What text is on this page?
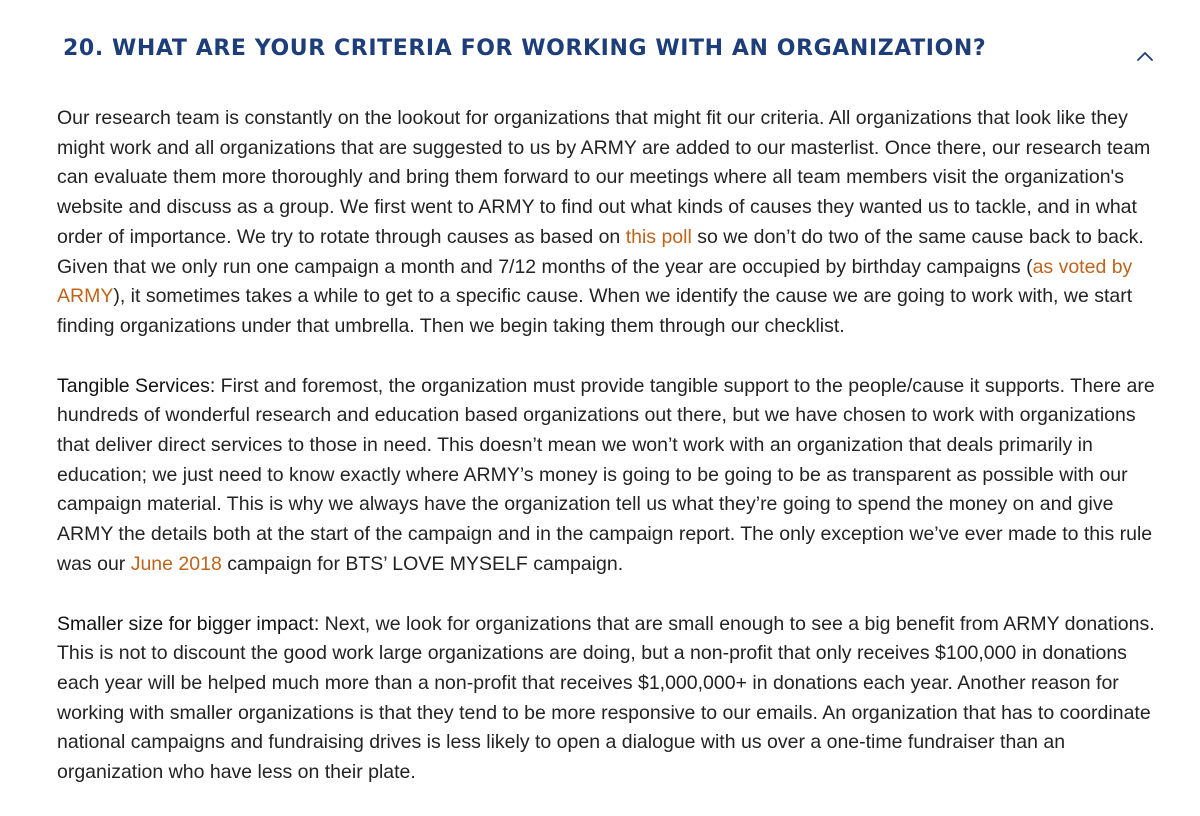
20. WHAT ARE YOUR CRITERIA FOR WORKING WITH AN ORGANIZATION?

Our research team is constantly on the lookout for organizations that might fit our criteria. All organizations that look like they might work and all organizations that are suggested to us by ARMY are added to our masterlist. Once there, our research team can evaluate them more thoroughly and bring them forward to our meetings where all team members visit the organization's website and discuss as a group. We first went to ARMY to find out what kinds of causes they wanted us to tackle, and in what order of importance. We try to rotate through causes as based on this poll so we don’t do two of the same cause back to back. Given that we only run one campaign a month and 7/12 months of the year are occupied by birthday campaigns (as voted by ARMY), it sometimes takes a while to get to a specific cause. When we identify the cause we are going to work with, we start finding organizations under that umbrella. Then we begin taking them through our checklist.

Tangible Services: First and foremost, the organization must provide tangible support to the people/cause it supports. There are hundreds of wonderful research and education based organizations out there, but we have chosen to work with organizations that deliver direct services to those in need. This doesn’t mean we won’t work with an organization that deals primarily in education; we just need to know exactly where ARMY’s money is going to be going to be as transparent as possible with our campaign material. This is why we always have the organization tell us what they’re going to spend the money on and give ARMY the details both at the start of the campaign and in the campaign report. The only exception we’ve ever made to this rule was our June 2018 campaign for BTS’ LOVE MYSELF campaign.

Smaller size for bigger impact: Next, we look for organizations that are small enough to see a big benefit from ARMY donations. This is not to discount the good work large organizations are doing, but a non-profit that only receives $100,000 in donations each year will be helped much more than a non-profit that receives $1,000,000+ in donations each year. Another reason for working with smaller organizations is that they tend to be more responsive to our emails. An organization that has to coordinate national campaigns and fundraising drives is less likely to open a dialogue with us over a one-time fundraiser than an organization who have less on their plate.
